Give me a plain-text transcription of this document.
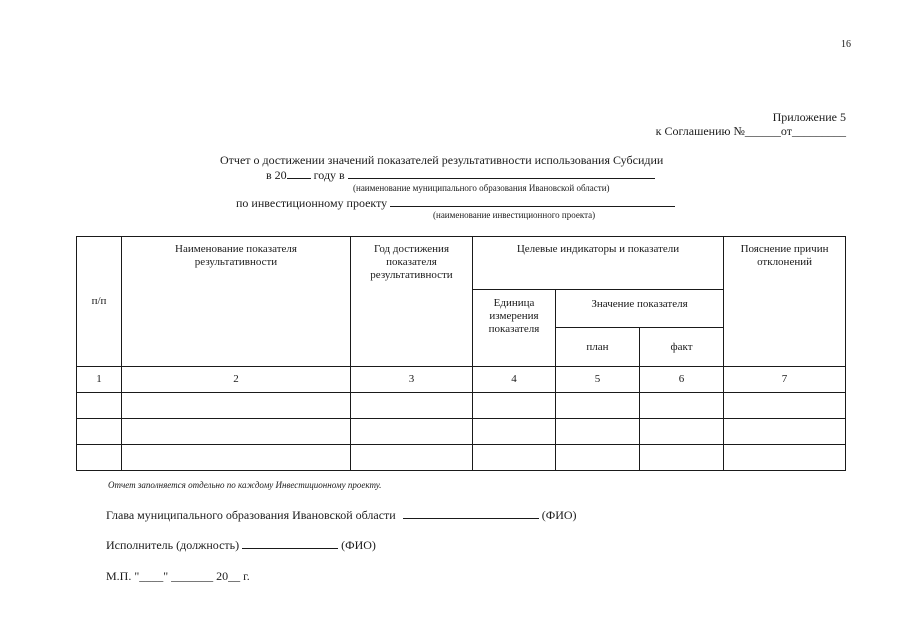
16
Приложение 5
к Соглашению №______от_________
Отчет о достижении значений показателей результативности использования Субсидии
в 20 году в
(наименование муниципального образования Ивановской области)
по инвестиционному проекту
(наименование инвестиционного проекта)
п/п	Наименование показателя результативности	Год достижения показателя результативности	Целевые индикаторы и показатели			Пояснение причин отклонений

			Единица измерения показателя	Значение показателя		

				план	факт	
1	2	3	4	5	6	7

Отчет заполняется отдельно по каждому Инвестиционному проекту.
Глава муниципального образования Ивановской области	(ФИО)
Исполнитель (должность)	(ФИО)
М.П. "____" _______ 20__ г.
